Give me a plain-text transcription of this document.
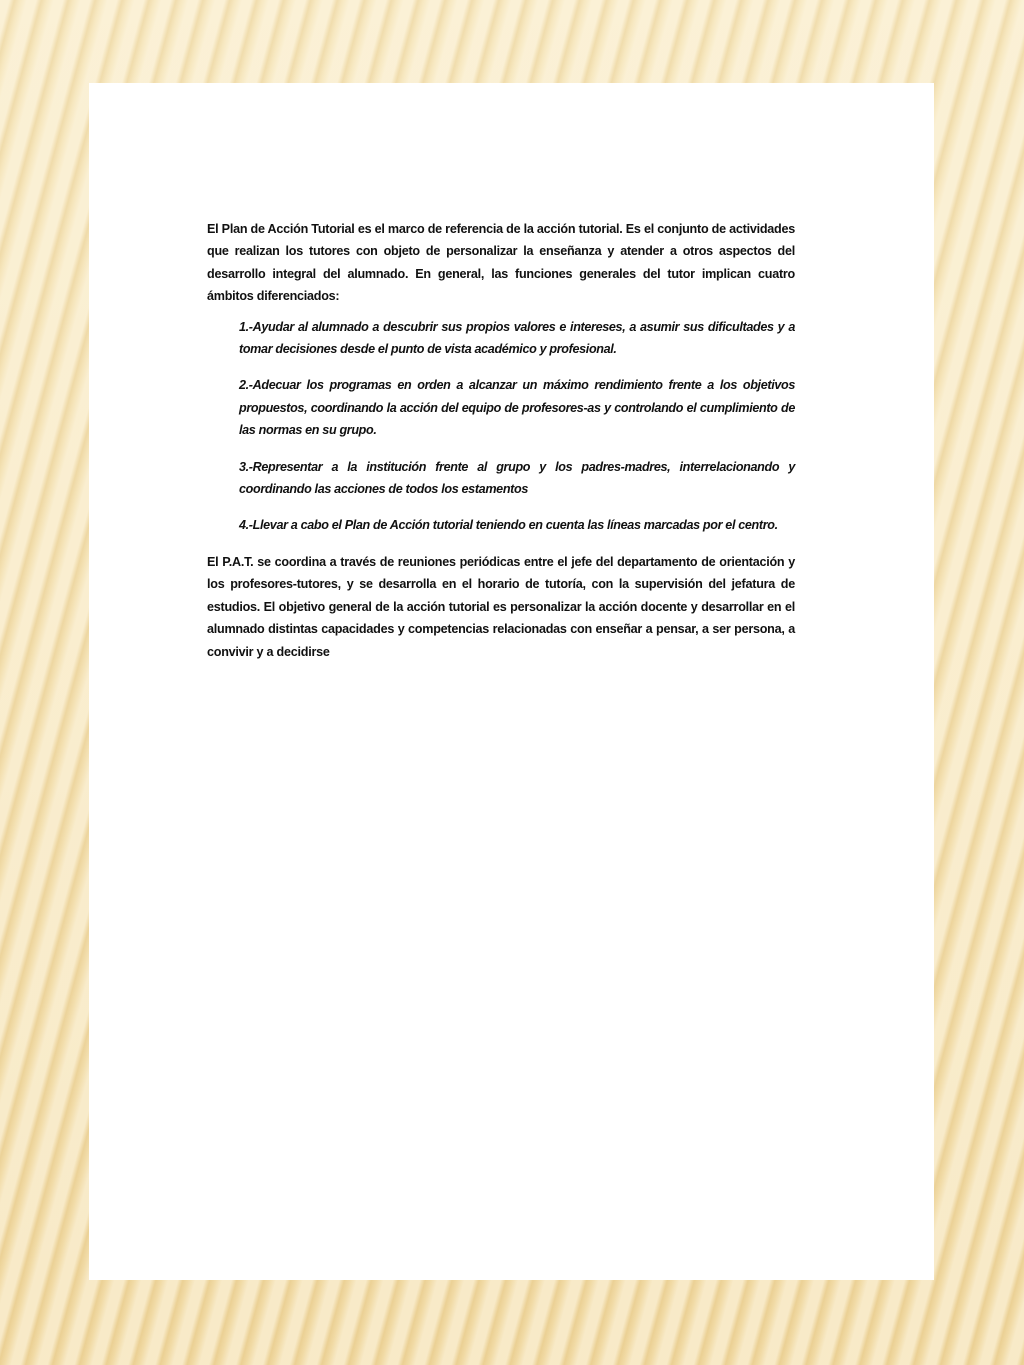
El Plan de Acción Tutorial es el marco de referencia de la acción tutorial. Es el conjunto de actividades que realizan los tutores con objeto de personalizar la enseñanza y atender a otros aspectos del desarrollo integral del alumnado. En general, las funciones generales del tutor implican cuatro ámbitos diferenciados:

1.-Ayudar al alumnado a descubrir sus propios valores e intereses, a asumir sus dificultades y a tomar decisiones desde el punto de vista académico y profesional.
2.-Adecuar los programas en orden a alcanzar un máximo rendimiento frente a los objetivos propuestos, coordinando la acción del equipo de profesores-as y controlando el cumplimiento de las normas en su grupo.
3.-Representar a la institución frente al grupo y los padres-madres, interrelacionando y coordinando las acciones de todos los estamentos
4.-Llevar a cabo el Plan de Acción tutorial teniendo en cuenta las líneas marcadas por el centro.

El P.A.T. se coordina a través de reuniones periódicas entre el jefe del departamento de orientación y los profesores-tutores, y se desarrolla en el horario de tutoría, con la supervisión del jefatura de estudios. El objetivo general de la acción tutorial es personalizar la acción docente y desarrollar en el alumnado distintas capacidades y competencias relacionadas con enseñar a pensar, a ser persona, a convivir y a decidirse
